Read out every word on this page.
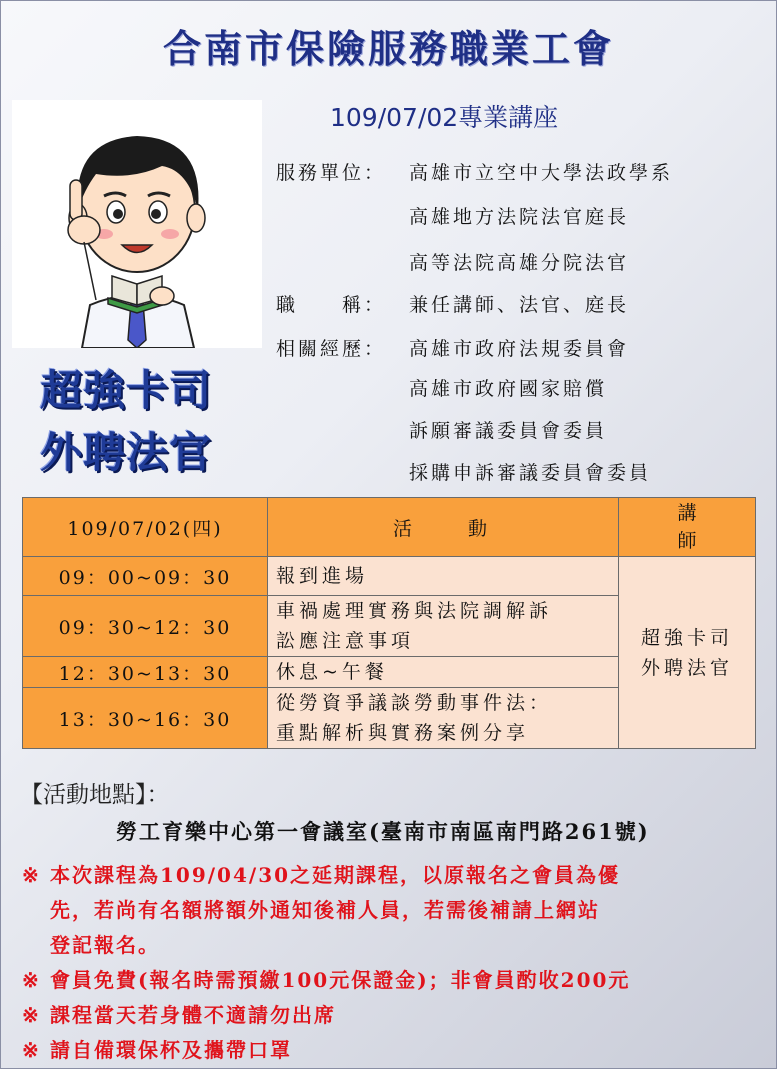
合南市保險服務職業工會
109/07/02專業講座
超強卡司
外聘法官
服務單位： 高雄市立空中大學法政學系
高雄地方法院法官庭長
高等法院高雄分院法官
職　　稱： 兼任講師、法官、庭長
相關經歷： 高雄市政府法規委員會
高雄市政府國家賠償
訴願審議委員會委員
採購申訴審議委員會委員
109/07/02(四)	活　　動	講
師

09：00~09：30	報到進場	超強卡司
外聘法官

09：30~12：30	車禍處理實務與法院調解訴
訟應注意事項	

12：30~13：30	休息~午餐	
13：30~16：30	從勞資爭議談勞動事件法：
重點解析與實務案例分享	
【活動地點】：
勞工育樂中心第一會議室(臺南市南區南門路261號)
※ 本次課程為109/04/30之延期課程，以原報名之會員為優
先，若尚有名額將額外通知後補人員，若需後補請上網站
登記報名。
※ 會員免費(報名時需預繳100元保證金)；非會員酌收200元
※ 課程當天若身體不適請勿出席
※ 請自備環保杯及攜帶口罩
